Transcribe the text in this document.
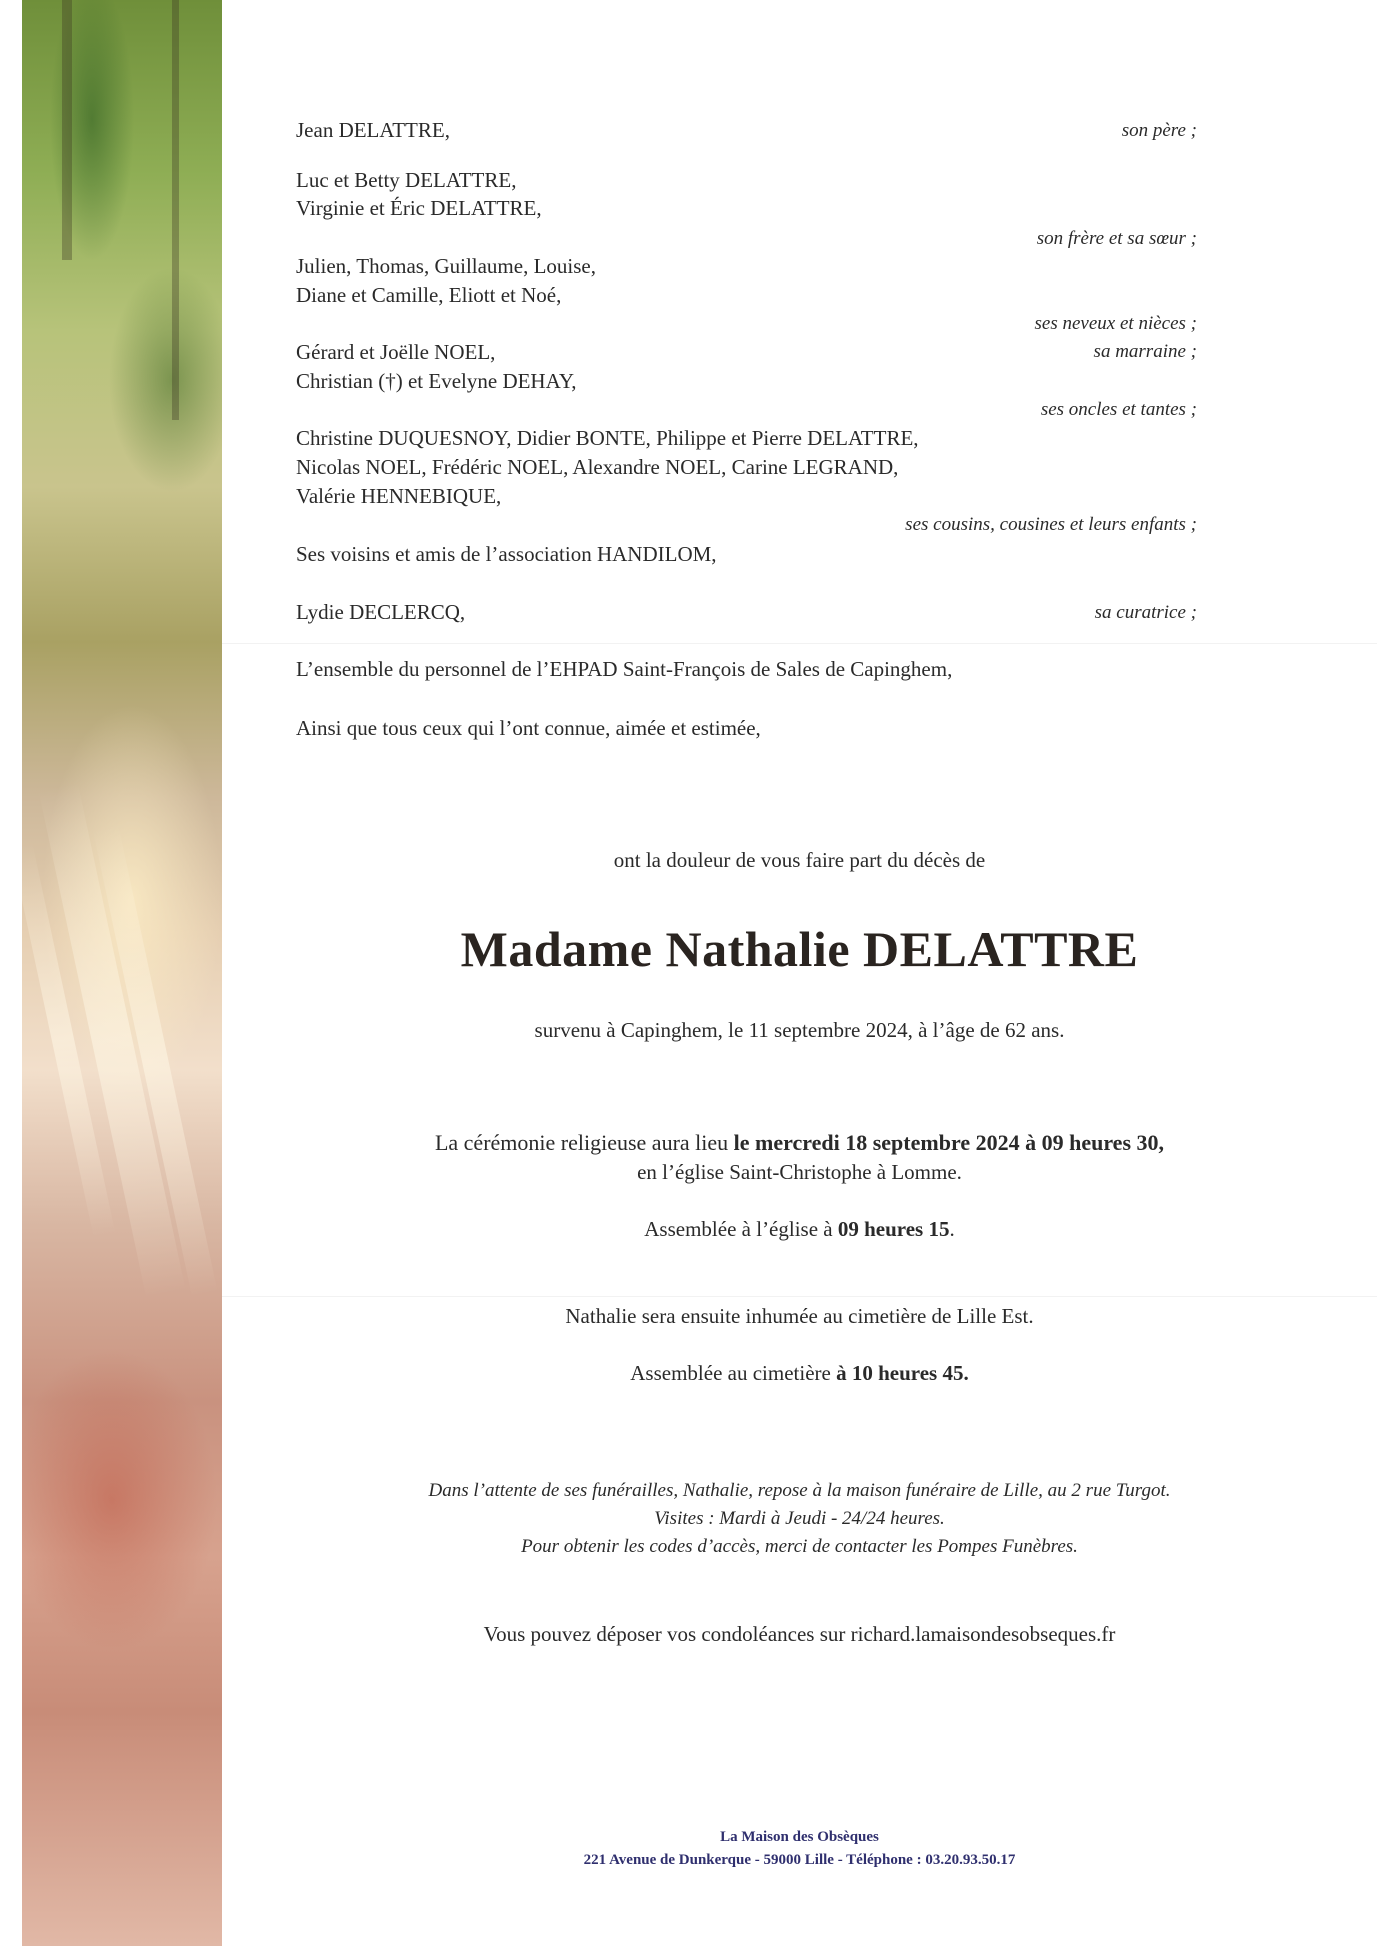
Jean DELATTRE,	son père ;
Luc et Betty DELATTRE,
Virginie et Éric DELATTRE,
son frère et sa sœur ;
Julien, Thomas, Guillaume, Louise,
Diane et Camille, Eliott et Noé,
ses neveux et nièces ;
Gérard et Joëlle NOEL,	sa marraine ;
Christian (†) et Evelyne DEHAY,
ses oncles et tantes ;
Christine DUQUESNOY, Didier BONTE, Philippe et Pierre DELATTRE,
Nicolas NOEL, Frédéric NOEL, Alexandre NOEL, Carine LEGRAND,
Valérie HENNEBIQUE,
ses cousins, cousines et leurs enfants ;
Ses voisins et amis de l’association HANDILOM,
Lydie DECLERCQ,	sa curatrice ;
L’ensemble du personnel de l’EHPAD Saint-François de Sales de Capinghem,
Ainsi que tous ceux qui l’ont connue, aimée et estimée,
ont la douleur de vous faire part du décès de
Madame Nathalie DELATTRE
survenu à Capinghem, le 11 septembre 2024, à l’âge de 62 ans.
La cérémonie religieuse aura lieu le mercredi 18 septembre 2024 à 09 heures 30,
en l’église Saint-Christophe à Lomme.
Assemblée à l’église à 09 heures 15.
Nathalie sera ensuite inhumée au cimetière de Lille Est.
Assemblée au cimetière à 10 heures 45.
Dans l’attente de ses funérailles, Nathalie, repose à la maison funéraire de Lille, au 2 rue Turgot.
Visites : Mardi à Jeudi - 24/24 heures.
Pour obtenir les codes d’accès, merci de contacter les Pompes Funèbres.
Vous pouvez déposer vos condoléances sur richard.lamaisondesobseques.fr
La Maison des Obsèques
221 Avenue de Dunkerque - 59000 Lille - Téléphone : 03.20.93.50.17
